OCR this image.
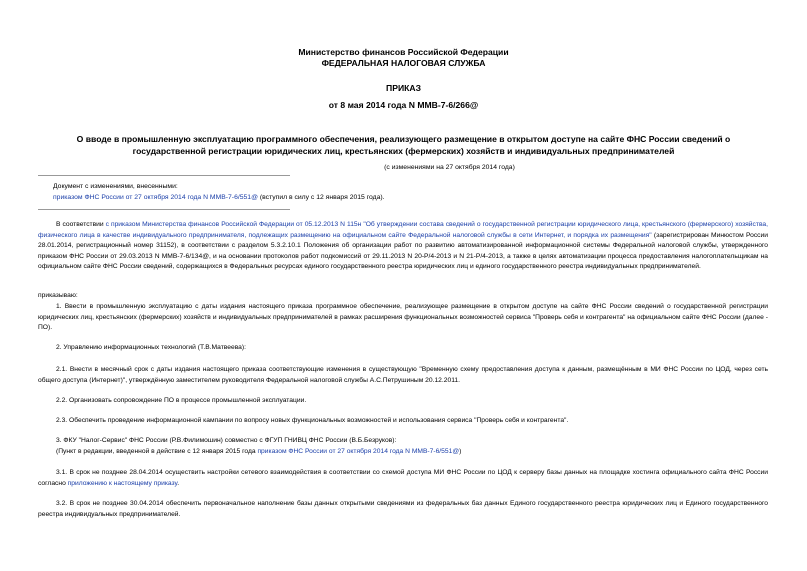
Министерство финансов Российской Федерации
ФЕДЕРАЛЬНАЯ НАЛОГОВАЯ СЛУЖБА
ПРИКАЗ
от 8 мая 2014 года N ММВ-7-6/266@
О вводе в промышленную эксплуатацию программного обеспечения, реализующего размещение в открытом доступе на сайте ФНС России сведений о
государственной регистрации юридических лиц, крестьянских (фермерских) хозяйств и индивидуальных предпринимателей
(с изменениями на 27 октября 2014 года)
Документ с изменениями, внесенными:
приказом ФНС России от 27 октября 2014 года N ММВ-7-6/551@ (вступил в силу с 12 января 2015 года).
В соответствии с приказом Министерства финансов Российской Федерации от 05.12.2013 N 115н "Об утверждении состава сведений о государственной регистрации юридического лица, крестьянского (фермерского) хозяйства, физического лица в качестве индивидуального предпринимателя, подлежащих размещению на официальном сайте Федеральной налоговой службы в сети Интернет, и порядка их размещения" (зарегистрирован Минюстом России 28.01.2014, регистрационный номер 31152), в соответствии с разделом 5.3.2.10.1 Положения об организации работ по развитию автоматизированной информационной системы Федеральной налоговой службы, утвержденного приказом ФНС России от 29.03.2013 N ММВ-7-6/134@, и на основании протоколов работ подкомиссий от 29.11.2013 N 20-Р/4-2013 и N 21-Р/4-2013, а также в целях автоматизации процесса предоставления налогоплательщикам на официальном сайте ФНС России сведений, содержащихся в Федеральных ресурсах единого государственного реестра юридических лиц и единого государственного реестра индивидуальных предпринимателей.
приказываю:
1. Ввести в промышленную эксплуатацию с даты издания настоящего приказа программное обеспечение, реализующее размещение в открытом доступе на сайте ФНС России сведений о государственной регистрации юридических лиц, крестьянских (фермерских) хозяйств и индивидуальных предпринимателей в рамках расширения функциональных возможностей сервиса "Проверь себя и контрагента" на официальном сайте ФНС России (далее - ПО).
2. Управлению информационных технологий (Т.В.Матвеева):
2.1. Внести в месячный срок с даты издания настоящего приказа соответствующие изменения в существующую "Временную схему предоставления доступа к данным, размещённым в МИ ФНС России по ЦОД, через сеть общего доступа (Интернет)", утверждённую заместителем руководителя Федеральной налоговой службы А.С.Петрушиным 20.12.2011.
2.2. Организовать сопровождение ПО в процессе промышленной эксплуатации.
2.3. Обеспечить проведение информационной кампании по вопросу новых функциональных возможностей и использования сервиса "Проверь себя и контрагента".
3. ФКУ "Налог-Сервис" ФНС России (Р.В.Филимошин) совместно с ФГУП ГНИВЦ ФНС России (В.Б.Безруков):
(Пункт в редакции, введенной в действие с 12 января 2015 года приказом ФНС России от 27 октября 2014 года N ММВ-7-6/551@)
3.1. В срок не позднее 28.04.2014 осуществить настройки сетевого взаимодействия в соответствии со схемой доступа МИ ФНС России по ЦОД к серверу базы данных на площадке хостинга официального сайта ФНС России согласно приложению к настоящему приказу.
3.2. В срок не позднее 30.04.2014 обеспечить первоначальное наполнение базы данных открытыми сведениями из федеральных баз данных Единого государственного реестра юридических лиц и Единого государственного реестра индивидуальных предпринимателей.
